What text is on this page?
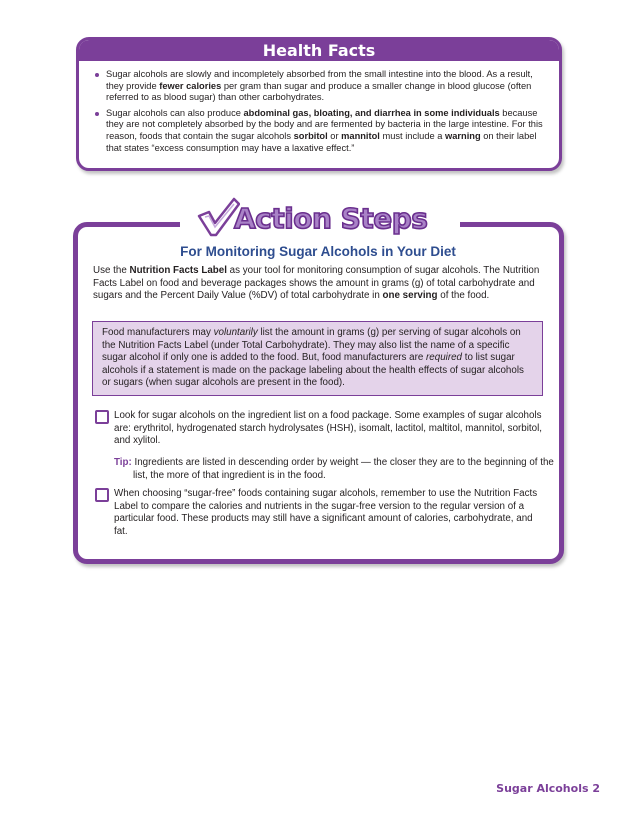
Health Facts
Sugar alcohols are slowly and incompletely absorbed from the small intestine into the blood. As a result, they provide fewer calories per gram than sugar and produce a smaller change in blood glucose (often referred to as blood sugar) than other carbohydrates.
Sugar alcohols can also produce abdominal gas, bloating, and diarrhea in some individuals because they are not completely absorbed by the body and are fermented by bacteria in the large intestine. For this reason, foods that contain the sugar alcohols sorbitol or mannitol must include a warning on their label that states “excess consumption may have a laxative effect.”
Action Steps
For Monitoring Sugar Alcohols in Your Diet

Use the Nutrition Facts Label as your tool for monitoring consumption of sugar alcohols. The Nutrition Facts Label on food and beverage packages shows the amount in grams (g) of total carbohydrate and sugars and the Percent Daily Value (%DV) of total carbohydrate in one serving of the food.

Food manufacturers may voluntarily list the amount in grams (g) per serving of sugar alcohols on the Nutrition Facts Label (under Total Carbohydrate). They may also list the name of a specific sugar alcohol if only one is added to the food. But, food manufacturers are required to list sugar alcohols if a statement is made on the package labeling about the health effects of sugar alcohols or sugars (when sugar alcohols are present in the food).
Look for sugar alcohols on the ingredient list on a food package. Some examples of sugar alcohols are: erythritol, hydrogenated starch hydrolysates (HSH), isomalt, lactitol, maltitol, mannitol, sorbitol, and xylitol.
Tip: Ingredients are listed in descending order by weight — the closer they are to the beginning of the list, the more of that ingredient is in the food.
When choosing “sugar-free” foods containing sugar alcohols, remember to use the Nutrition Facts Label to compare the calories and nutrients in the sugar-free version to the regular version of a particular food. These products may still have a significant amount of calories, carbohydrate, and fat.
Sugar Alcohols 2
